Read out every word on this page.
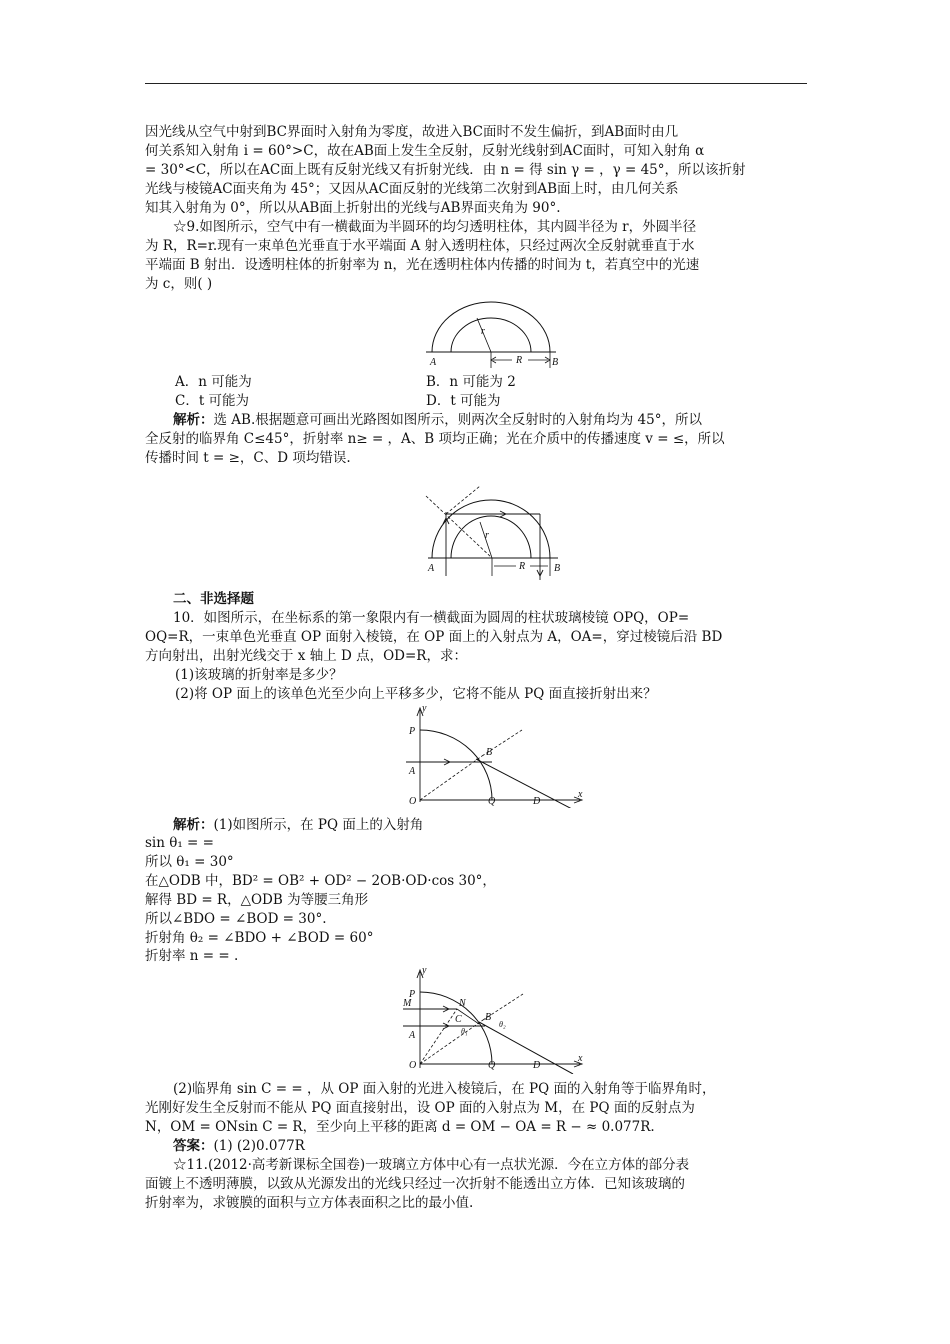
因光线从空气中射到BC界面时入射角为零度，故进入BC面时不发生偏折，到AB面时由几
何关系知入射角 i = 60°>C，故在AB面上发生全反射，反射光线射到AC面时，可知入射角 α
= 30°<C，所以在AC面上既有反射光线又有折射光线．由 n = 得 sin γ = ，γ = 45°，所以该折射
光线与棱镜AC面夹角为 45°；又因从AC面反射的光线第二次射到AB面上时，由几何关系
知其入射角为 0°，所以从AB面上折射出的光线与AB界面夹角为 90°.
☆9.如图所示，空气中有一横截面为半圆环的均匀透明柱体，其内圆半径为 r，外圆半径
为 R，R=r.现有一束单色光垂直于水平端面 A 射入透明柱体，只经过两次全反射就垂直于水
平端面 B 射出．设透明柱体的折射率为 n，光在透明柱体内传播的时间为 t，若真空中的光速
为 c，则( )
r
R
A	B
A．n 可能为	B．n 可能为 2
C．t 可能为	D．t 可能为
解析：选 AB.根据题意可画出光路图如图所示，则两次全反射时的入射角均为 45°，所以
全反射的临界角 C≤45°，折射率 n≥ = ，A、B 项均正确；光在介质中的传播速度 v = ≤，所以
传播时间 t = ≥，C、D 项均错误.
r
R
A	B
二、非选择题
10．如图所示，在坐标系的第一象限内有一横截面为圆周的柱状玻璃棱镜 OPQ，OP=
OQ=R，一束单色光垂直 OP 面射入棱镜，在 OP 面上的入射点为 A，OA=，穿过棱镜后沿 BD
方向射出，出射光线交于 x 轴上 D 点，OD=R，求：
(1)该玻璃的折射率是多少？
(2)将 OP 面上的该单色光至少向上平移多少，它将不能从 PQ 面直接折射出来？
y
P
B
A
O	Q	D
x
解析：(1)如图所示，在 PQ 面上的入射角
sin θ₁ = =
所以 θ₁ = 30°
在△ODB 中，BD² = OB² + OD² − 2OB·OD·cos 30°，
解得 BD = R，△ODB 为等腰三角形
所以∠BDO = ∠BOD = 30°.
折射角 θ₂ = ∠BDO + ∠BOD = 60°
折射率 n = = .
y
M
P
N
C B
θ₁
θ₂
A
O	Q	D
x
(2)临界角 sin C = = ，从 OP 面入射的光进入棱镜后，在 PQ 面的入射角等于临界角时，
光刚好发生全反射而不能从 PQ 面直接射出，设 OP 面的入射点为 M，在 PQ 面的反射点为
N，OM = ONsin C = R，至少向上平移的距离 d = OM − OA = R − ≈ 0.077R.
答案：(1) (2)0.077R
☆11.(2012·高考新课标全国卷)一玻璃立方体中心有一点状光源．今在立方体的部分表
面镀上不透明薄膜，以致从光源发出的光线只经过一次折射不能透出立方体．已知该玻璃的
折射率为，求镀膜的面积与立方体表面积之比的最小值.
